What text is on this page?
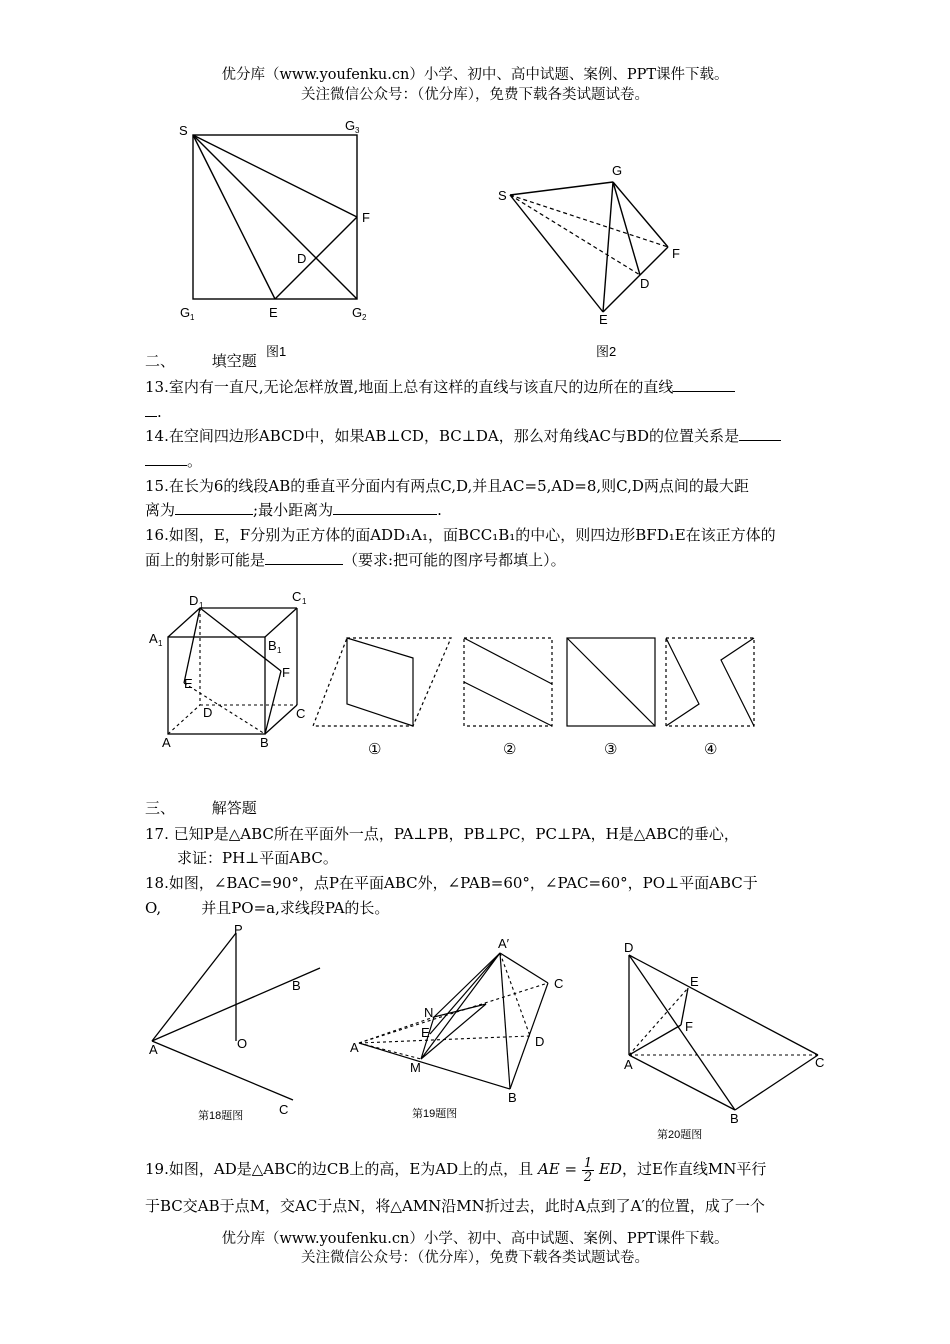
优分库（www.youfenku.cn）小学、初中、高中试题、案例、PPT课件下载。
关注微信公众号：（优分库），免费下载各类试题试卷。
S	G 3
F
D
G 1	E	G 2
图1
G
S
F
D
E
图2
二、 填空题
13.室内有一直尺,无论怎样放置,地面上总有这样的直线与该直尺的边所在的直线
.
14.在空间四边形ABCD中，如果AB⊥CD，BC⊥DA，那么对角线AC与BD的位置关系是
。
15.在长为6的线段AB的垂直平分面内有两点C,D,并且AC=5,AD=8,则C,D两点间的最大距
离为	;最小距离为	.
16.如图，E，F分别为正方体的面ADD₁A₁，面BCC₁B₁的中心，则四边形BFD₁E在该正方体的
面上的射影可能是	（要求:把可能的图序号都填上）。
D 1
C 1
A 1	B 1
E
F
D	C
A	B	①	②	③	④
三、 解答题
17. 已知P是△ABC所在平面外一点，PA⊥PB，PB⊥PC，PC⊥PA，H是△ABC的垂心，
求证：PH⊥平面ABC。
18.如图，∠BAC=90°，点P在平面ABC外，∠PAB=60°，∠PAC=60°，PO⊥平面ABC于
O,	并且PO=a,求线段PA的长。
P
B
A	O
C
第18题图
A′
C
N
E
A	D
M
B
第19题图
D
E
F
A	C
B
第20题图
19.如图，AD是△ABC的边CB上的高，E为AD上的点，且 AE = $\frac{1}{2}$ ED，过E作直线MN平行
于BC交AB于点M，交AC于点N，将△AMN沿MN折过去，此时A点到了A′的位置，成了一个
优分库（www.youfenku.cn）小学、初中、高中试题、案例、PPT课件下载。
关注微信公众号：（优分库），免费下载各类试题试卷。
